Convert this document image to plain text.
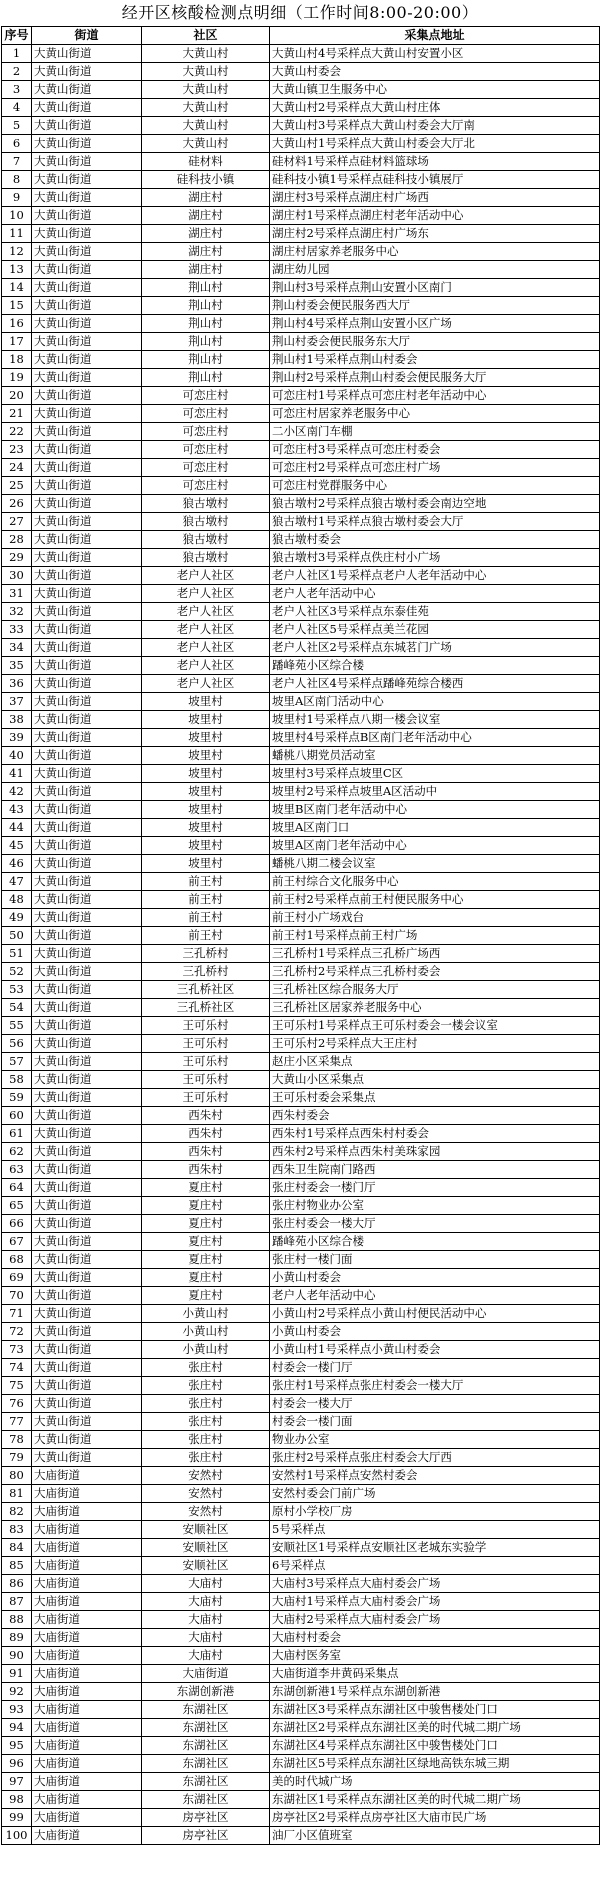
经开区核酸检测点明细（工作时间8:00-20:00）
序号	街道	社区	采集点地址
1	大黄山街道	大黄山村	大黄山村4号采样点大黄山村安置小区
2	大黄山街道	大黄山村	大黄山村委会
3	大黄山街道	大黄山村	大黄山镇卫生服务中心
4	大黄山街道	大黄山村	大黄山村2号采样点大黄山村庄体
5	大黄山街道	大黄山村	大黄山村3号采样点大黄山村委会大厅南
6	大黄山街道	大黄山村	大黄山村1号采样点大黄山村委会大厅北
7	大黄山街道	硅材料	硅材料1号采样点硅材料篮球场
8	大黄山街道	硅科技小镇	硅科技小镇1号采样点硅科技小镇展厅
9	大黄山街道	湖庄村	湖庄村3号采样点湖庄村广场西
10	大黄山街道	湖庄村	湖庄村1号采样点湖庄村老年活动中心
11	大黄山街道	湖庄村	湖庄村2号采样点湖庄村广场东
12	大黄山街道	湖庄村	湖庄村居家养老服务中心
13	大黄山街道	湖庄村	湖庄幼儿园
14	大黄山街道	荆山村	荆山村3号采样点荆山安置小区南门
15	大黄山街道	荆山村	荆山村委会便民服务西大厅
16	大黄山街道	荆山村	荆山村4号采样点荆山安置小区广场
17	大黄山街道	荆山村	荆山村委会便民服务东大厅
18	大黄山街道	荆山村	荆山村1号采样点荆山村委会
19	大黄山街道	荆山村	荆山村2号采样点荆山村委会便民服务大厅
20	大黄山街道	可恋庄村	可恋庄村1号采样点可恋庄村老年活动中心
21	大黄山街道	可恋庄村	可恋庄村居家养老服务中心
22	大黄山街道	可恋庄村	二小区南门车棚
23	大黄山街道	可恋庄村	可恋庄村3号采样点可恋庄村委会
24	大黄山街道	可恋庄村	可恋庄村2号采样点可恋庄村广场
25	大黄山街道	可恋庄村	可恋庄村党群服务中心
26	大黄山街道	狼古墩村	狼古墩村2号采样点狼古墩村委会南边空地
27	大黄山街道	狼古墩村	狼古墩村1号采样点狼古墩村委会大厅
28	大黄山街道	狼古墩村	狼古墩村委会
29	大黄山街道	狼古墩村	狼古墩村3号采样点佚庄村小广场
30	大黄山街道	老户人社区	老户人社区1号采样点老户人老年活动中心
31	大黄山街道	老户人社区	老户人老年活动中心
32	大黄山街道	老户人社区	老户人社区3号采样点东泰佳苑
33	大黄山街道	老户人社区	老户人社区5号采样点美兰花园
34	大黄山街道	老户人社区	老户人社区2号采样点东城茗门广场
35	大黄山街道	老户人社区	蹯峰苑小区综合楼
36	大黄山街道	老户人社区	老户人社区4号采样点蹯峰苑综合楼西
37	大黄山街道	坡里村	坡里A区南门活动中心
38	大黄山街道	坡里村	坡里村1号采样点八期一楼会议室
39	大黄山街道	坡里村	坡里村4号采样点B区南门老年活动中心
40	大黄山街道	坡里村	蟠桃八期党员活动室
41	大黄山街道	坡里村	坡里村3号采样点坡里C区
42	大黄山街道	坡里村	坡里村2号采样点坡里A区活动中
43	大黄山街道	坡里村	坡里B区南门老年活动中心
44	大黄山街道	坡里村	坡里A区南门口
45	大黄山街道	坡里村	坡里A区南门老年活动中心
46	大黄山街道	坡里村	蟠桃八期二楼会议室
47	大黄山街道	前王村	前王村综合文化服务中心
48	大黄山街道	前王村	前王村2号采样点前王村便民服务中心
49	大黄山街道	前王村	前王村小广场戏台
50	大黄山街道	前王村	前王村1号采样点前王村广场
51	大黄山街道	三孔桥村	三孔桥村1号采样点三孔桥广场西
52	大黄山街道	三孔桥村	三孔桥村2号采样点三孔桥村委会
53	大黄山街道	三孔桥社区	三孔桥社区综合服务大厅
54	大黄山街道	三孔桥社区	三孔桥社区居家养老服务中心
55	大黄山街道	王可乐村	王可乐村1号采样点王可乐村委会一楼会议室
56	大黄山街道	王可乐村	王可乐村2号采样点大王庄村
57	大黄山街道	王可乐村	赵庄小区采集点
58	大黄山街道	王可乐村	大黄山小区采集点
59	大黄山街道	王可乐村	王可乐村委会采集点
60	大黄山街道	西朱村	西朱村委会
61	大黄山街道	西朱村	西朱村1号采样点西朱村村委会
62	大黄山街道	西朱村	西朱村2号采样点西朱村美珠家园
63	大黄山街道	西朱村	西朱卫生院南门路西
64	大黄山街道	夏庄村	张庄村委会一楼门厅
65	大黄山街道	夏庄村	张庄村物业办公室
66	大黄山街道	夏庄村	张庄村委会一楼大厅
67	大黄山街道	夏庄村	蹯峰苑小区综合楼
68	大黄山街道	夏庄村	张庄村一楼门面
69	大黄山街道	夏庄村	小黄山村委会
70	大黄山街道	夏庄村	老户人老年活动中心
71	大黄山街道	小黄山村	小黄山村2号采样点小黄山村便民活动中心
72	大黄山街道	小黄山村	小黄山村委会
73	大黄山街道	小黄山村	小黄山村1号采样点小黄山村委会
74	大黄山街道	张庄村	村委会一楼门厅
75	大黄山街道	张庄村	张庄村1号采样点张庄村委会一楼大厅
76	大黄山街道	张庄村	村委会一楼大厅
77	大黄山街道	张庄村	村委会一楼门面
78	大黄山街道	张庄村	物业办公室
79	大黄山街道	张庄村	张庄村2号采样点张庄村委会大厅西
80	大庙街道	安然村	安然村1号采样点安然村委会
81	大庙街道	安然村	安然村委会门前广场
82	大庙街道	安然村	原村小学校厂房
83	大庙街道	安顺社区	5号采样点
84	大庙街道	安顺社区	安顺社区1号采样点安顺社区老城东实验学
85	大庙街道	安顺社区	6号采样点
86	大庙街道	大庙村	大庙村3号采样点大庙村委会广场
87	大庙街道	大庙村	大庙村1号采样点大庙村委会广场
88	大庙街道	大庙村	大庙村2号采样点大庙村委会广场
89	大庙街道	大庙村	大庙村村委会
90	大庙街道	大庙村	大庙村医务室
91	大庙街道	大庙街道	大庙街道李井黄码采集点
92	大庙街道	东湖创新港	东湖创新港1号采样点东湖创新港
93	大庙街道	东湖社区	东湖社区3号采样点东湖社区中骏售楼处门口
94	大庙街道	东湖社区	东湖社区2号采样点东湖社区美的时代城二期广场
95	大庙街道	东湖社区	东湖社区4号采样点东湖社区中骏售楼处门口
96	大庙街道	东湖社区	东湖社区5号采样点东湖社区绿地高铁东城三期
97	大庙街道	东湖社区	美的时代城广场
98	大庙街道	东湖社区	东湖社区1号采样点东湖社区美的时代城二期广场
99	大庙街道	房亭社区	房亭社区2号采样点房亭社区大庙市民广场
100	大庙街道	房亭社区	油厂小区值班室
